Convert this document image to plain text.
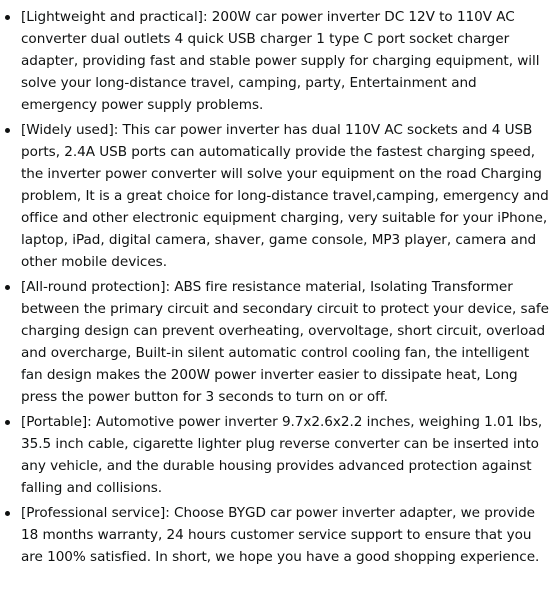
[Lightweight and practical]: 200W car power inverter DC 12V to 110V AC converter dual outlets 4 quick USB charger 1 type C port socket charger adapter, providing fast and stable power supply for charging equipment, will solve your long-distance travel, camping, party, Entertainment and emergency power supply problems.
[Widely used]: This car power inverter has dual 110V AC sockets and 4 USB ports, 2.4A USB ports can automatically provide the fastest charging speed, the inverter power converter will solve your equipment on the road Charging problem, It is a great choice for long-distance travel,camping, emergency and office and other electronic equipment charging, very suitable for your iPhone, laptop, iPad, digital camera, shaver, game console, MP3 player, camera and other mobile devices.
[All-round protection]: ABS fire resistance material, Isolating Transformer between the primary circuit and secondary circuit to protect your device, safe charging design can prevent overheating, overvoltage, short circuit, overload and overcharge, Built-in silent automatic control cooling fan, the intelligent fan design makes the 200W power inverter easier to dissipate heat, Long press the power button for 3 seconds to turn on or off.
[Portable]: Automotive power inverter 9.7x2.6x2.2 inches, weighing 1.01 lbs, 35.5 inch cable, cigarette lighter plug reverse converter can be inserted into any vehicle, and the durable housing provides advanced protection against falling and collisions.
[Professional service]: Choose BYGD car power inverter adapter, we provide 18 months warranty, 24 hours customer service support to ensure that you are 100% satisfied. In short, we hope you have a good shopping experience.
